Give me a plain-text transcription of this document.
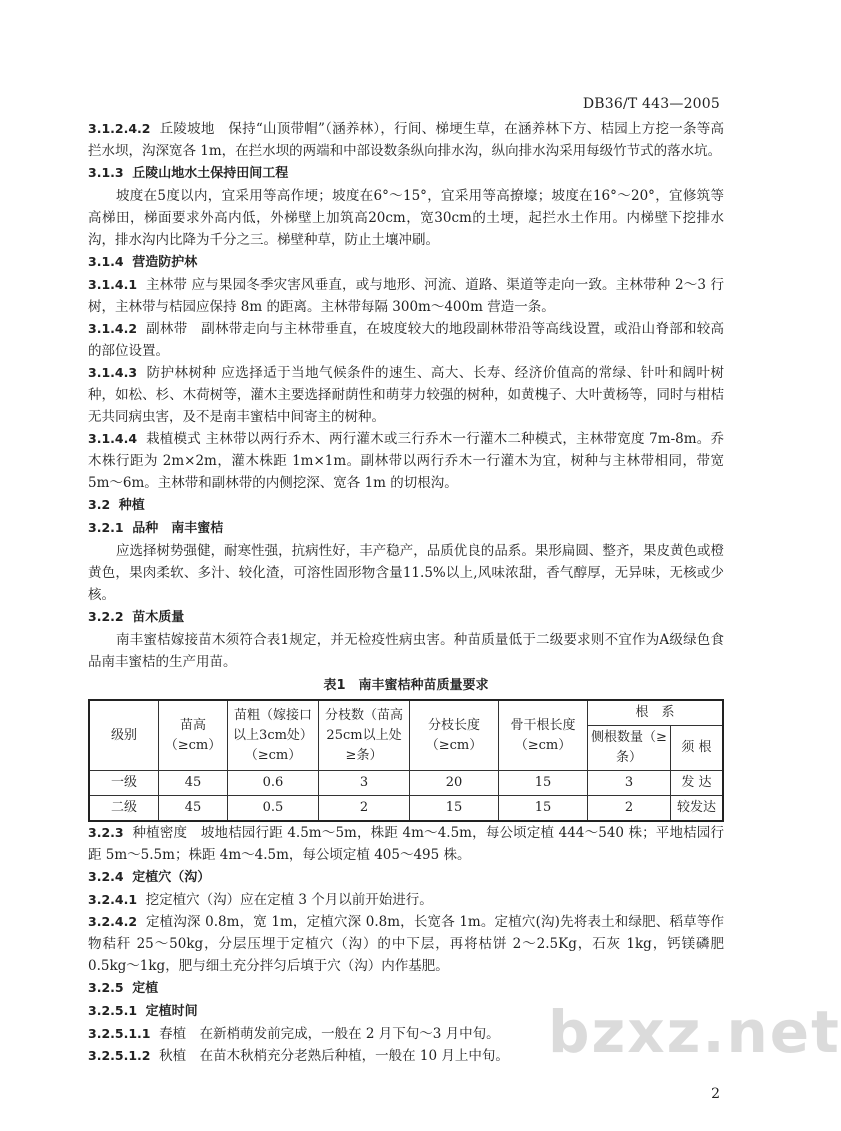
DB36/T 443—2005

3.1.2.4.2 丘陵坡地　保持“山顶带帽”（涵养林），行间、梯埂生草，在涵养林下方、桔园上方挖一条等高拦水坝，沟深宽各 1m，在拦水坝的两端和中部设数条纵向排水沟，纵向排水沟采用每级竹节式的落水坑。

3.1.3 丘陵山地水土保持田间工程

坡度在5度以内，宜采用等高作埂；坡度在6°～15°，宜采用等高撩壕；坡度在16°～20°，宜修筑等高梯田，梯面要求外高内低，外梯壁上加筑高20cm，宽30cm的土埂，起拦水土作用。内梯壁下挖排水沟，排水沟内比降为千分之三。梯壁种草，防止土壤冲刷。

3.1.4 营造防护林

3.1.4.1 主林带 应与果园冬季灾害风垂直，或与地形、河流、道路、渠道等走向一致。主林带种 2～3 行树，主林带与桔园应保持 8m 的距离。主林带每隔 300m～400m 营造一条。

3.1.4.2 副林带　副林带走向与主林带垂直，在坡度较大的地段副林带沿等高线设置，或沿山脊部和较高的部位设置。

3.1.4.3 防护林树种 应选择适于当地气候条件的速生、高大、长寿、经济价值高的常绿、针叶和阔叶树种，如松、杉、木荷树等，灌木主要选择耐荫性和萌芽力较强的树种，如黄槐子、大叶黄杨等，同时与柑桔无共同病虫害，及不是南丰蜜桔中间寄主的树种。

3.1.4.4 栽植模式 主林带以两行乔木、两行灌木或三行乔木一行灌木二种模式，主林带宽度 7m-8m。乔木株行距为 2m×2m，灌木株距 1m×1m。副林带以两行乔木一行灌木为宜，树种与主林带相同，带宽 5m～6m。主林带和副林带的内侧挖深、宽各 1m 的切根沟。

3.2 种植

3.2.1 品种　南丰蜜桔

应选择树势强健，耐寒性强，抗病性好，丰产稳产，品质优良的品系。果形扁圆、整齐，果皮黄色或橙黄色，果肉柔软、多汁、较化渣，可溶性固形物含量11.5%以上,风味浓甜，香气醇厚，无异味，无核或少核。

3.2.2 苗木质量

南丰蜜桔嫁接苗木须符合表1规定，并无检疫性病虫害。种苗质量低于二级要求则不宜作为A级绿色食品南丰蜜桔的生产用苗。

表1　南丰蜜桔种苗质量要求
级别	苗高（≥cm）	苗粗（嫁接口以上3cm处）（≥cm）	分枝数（苗高25cm以上处≥条）	分枝长度（≥cm）	骨干根长度（≥cm）	根　系	
						侧根数量（≥条）	须 根
一级	45	0.6	3	20	15	3	发 达
二级	45	0.5	2	15	15	2	较发达

3.2.3 种植密度　坡地桔园行距 4.5m～5m，株距 4m～4.5m，每公顷定植 444～540 株；平地桔园行距 5m～5.5m；株距 4m～4.5m，每公顷定植 405～495 株。

3.2.4 定植穴（沟）

3.2.4.1 挖定植穴（沟）应在定植 3 个月以前开始进行。

3.2.4.2 定植沟深 0.8m，宽 1m，定植穴深 0.8m，长宽各 1m。定植穴(沟)先将表土和绿肥、稻草等作物秸秆 25～50kg，分层压埋于定植穴（沟）的中下层，再将枯饼 2～2.5Kg，石灰 1kg，钙镁磷肥 0.5kg～1kg，肥与细土充分拌匀后填于穴（沟）内作基肥。

3.2.5 定植

3.2.5.1 定植时间

3.2.5.1.1 春植　在新梢萌发前完成，一般在 2 月下旬～3 月中旬。

3.2.5.1.2 秋植　在苗木秋梢充分老熟后种植，一般在 10 月上中旬。 bzxz.net
2
